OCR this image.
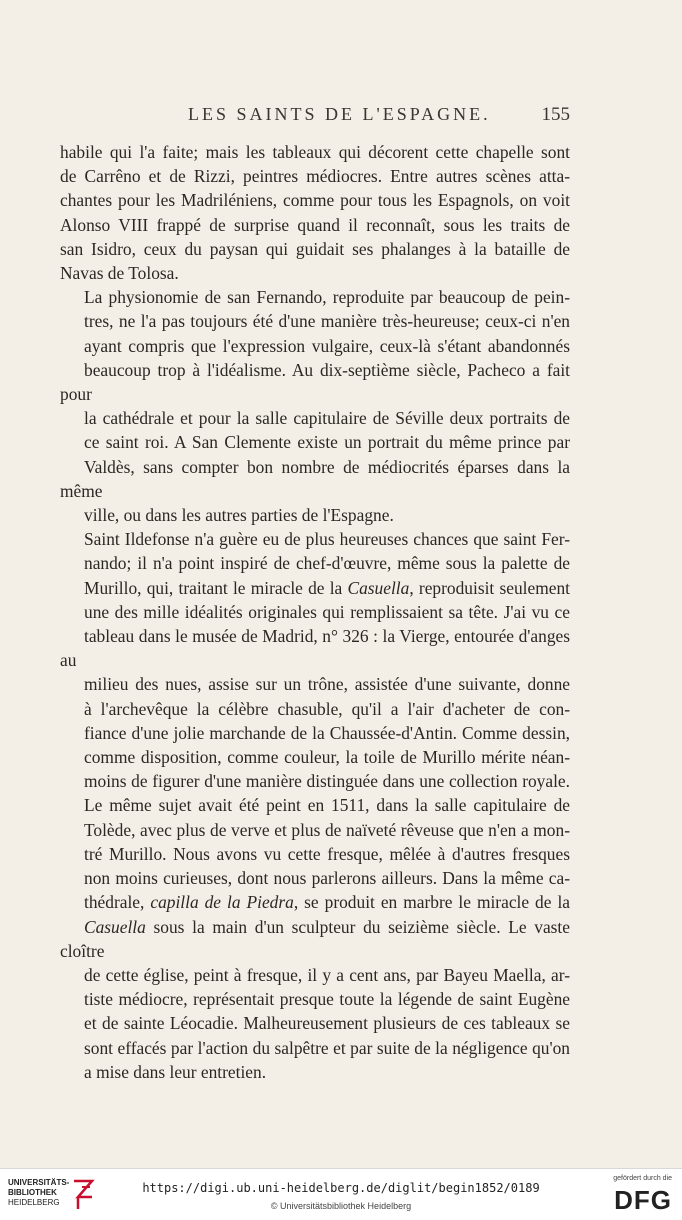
LES SAINTS DE L'ESPAGNE.	155

habile qui l'a faite; mais les tableaux qui décorent cette chapelle sont
de Carrêno et de Rizzi, peintres médiocres. Entre autres scènes atta-
chantes pour les Madriléniens, comme pour tous les Espagnols, on voit
Alonso VIII frappé de surprise quand il reconnaît, sous les traits de
san Isidro, ceux du paysan qui guidait ses phalanges à la bataille de
Navas de Tolosa.

La physionomie de san Fernando, reproduite par beaucoup de pein-
tres, ne l'a pas toujours été d'une manière très-heureuse; ceux-ci n'en
ayant compris que l'expression vulgaire, ceux-là s'étant abandonnés
beaucoup trop à l'idéalisme. Au dix-septième siècle, Pacheco a fait pour
la cathédrale et pour la salle capitulaire de Séville deux portraits de
ce saint roi. A San Clemente existe un portrait du même prince par
Valdès, sans compter bon nombre de médiocrités éparses dans la même
ville, ou dans les autres parties de l'Espagne.

Saint Ildefonse n'a guère eu de plus heureuses chances que saint Fer-
nando; il n'a point inspiré de chef-d'œuvre, même sous la palette de
Murillo, qui, traitant le miracle de la Casuella, reproduisit seulement
une des mille idéalités originales qui remplissaient sa tête. J'ai vu ce
tableau dans le musée de Madrid, n° 326 : la Vierge, entourée d'anges au
milieu des nues, assise sur un trône, assistée d'une suivante, donne
à l'archevêque la célèbre chasuble, qu'il a l'air d'acheter de con-
fiance d'une jolie marchande de la Chaussée-d'Antin. Comme dessin,
comme disposition, comme couleur, la toile de Murillo mérite néan-
moins de figurer d'une manière distinguée dans une collection royale.
Le même sujet avait été peint en 1511, dans la salle capitulaire de
Tolède, avec plus de verve et plus de naïveté rêveuse que n'en a mon-
tré Murillo. Nous avons vu cette fresque, mêlée à d'autres fresques
non moins curieuses, dont nous parlerons ailleurs. Dans la même ca-
thédrale, capilla de la Piedra, se produit en marbre le miracle de la
Casuella sous la main d'un sculpteur du seizième siècle. Le vaste cloître
de cette église, peint à fresque, il y a cent ans, par Bayeu Maella, ar-
tiste médiocre, représentait presque toute la légende de saint Eugène
et de sainte Léocadie. Malheureusement plusieurs de ces tableaux se
sont effacés par l'action du salpêtre et par suite de la négligence qu'on
a mise dans leur entretien.

UNIVERSITÄTS-
BIBLIOTHEK
HEIDELBERG
https://digi.ub.uni-heidelberg.de/diglit/begin1852/0189
© Universitätsbibliothek Heidelberg
gefördert durch die
DFG
